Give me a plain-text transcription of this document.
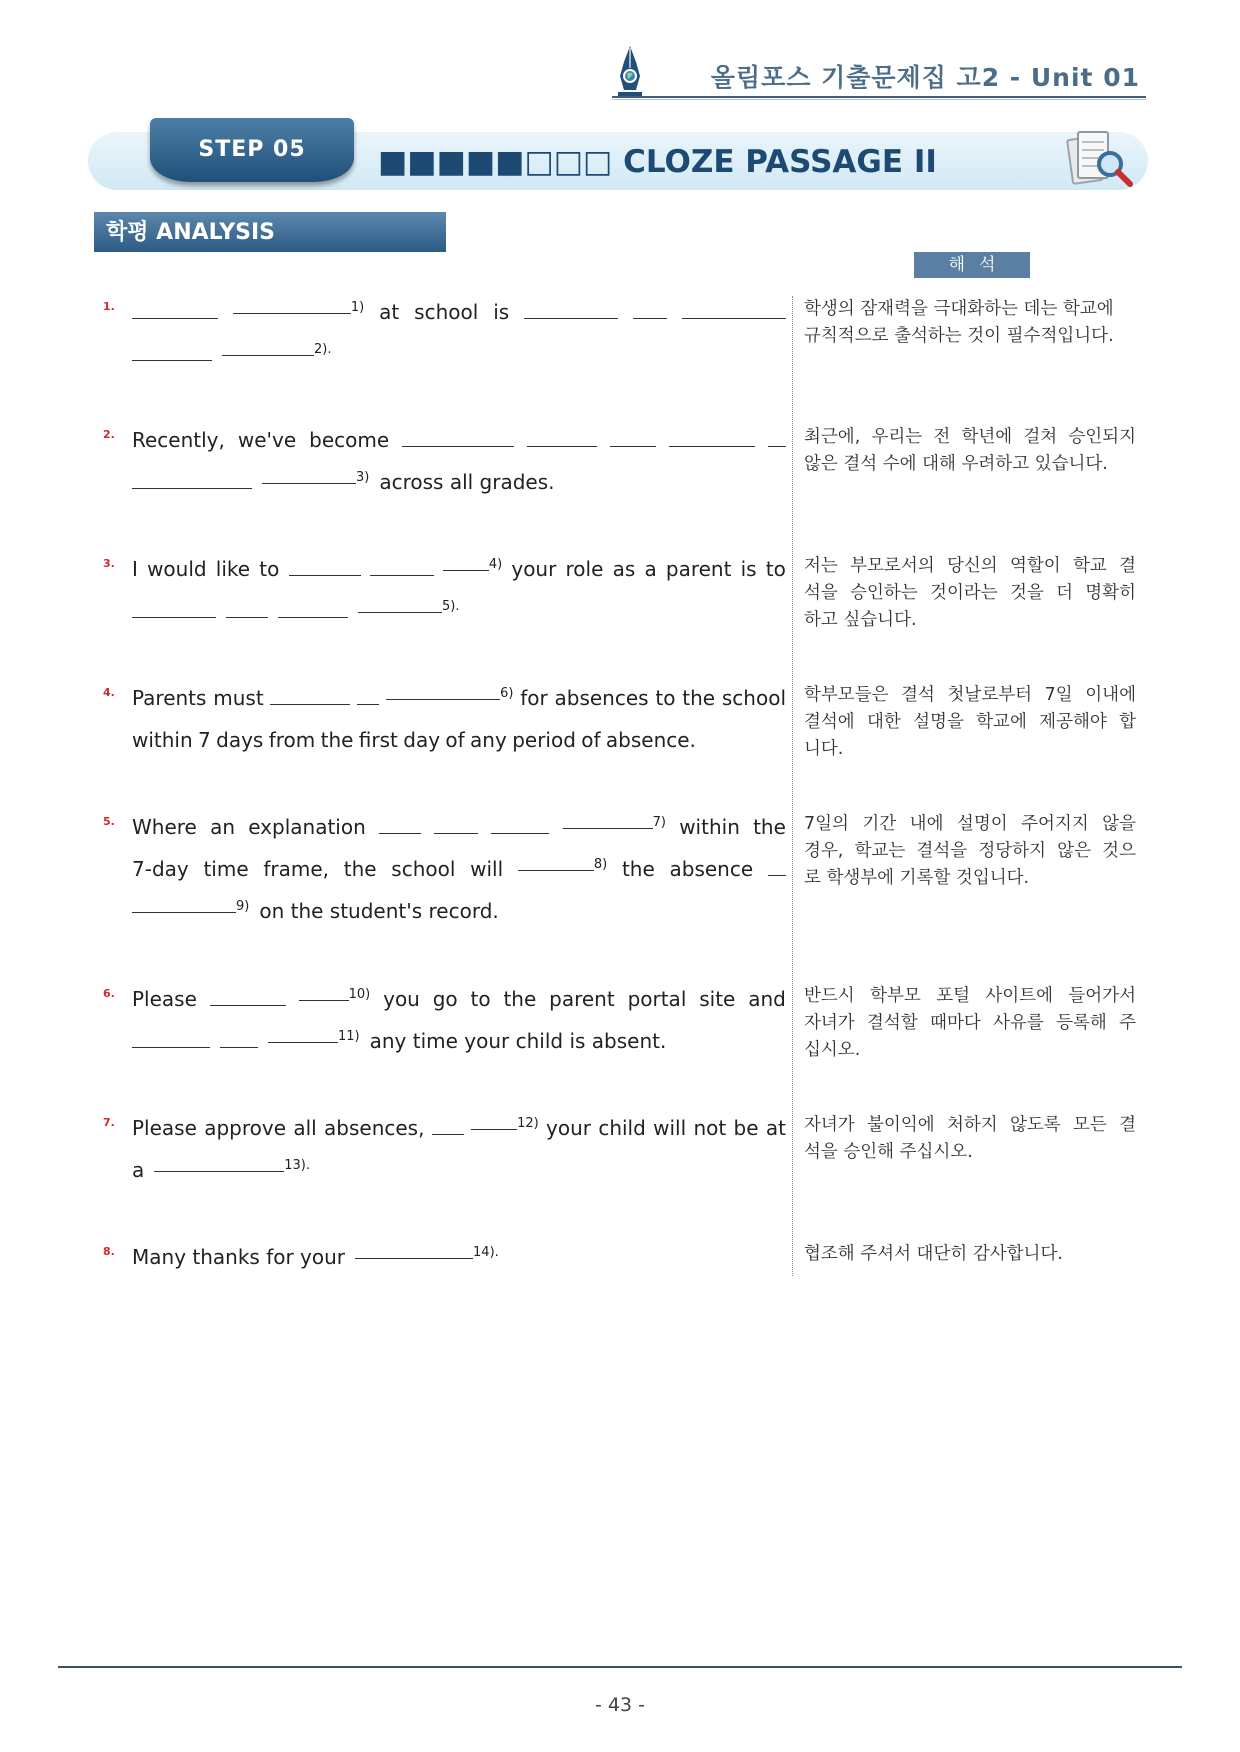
올림포스 기출문제집 고2 - Unit 01
STEP 05	■■■■■□□□ CLOZE PASSAGE II
학평 ANALYSIS
해석
1.	$^{1)}$ at school is
$^{2).}$
학생의 잠재력을 극대화하는 데는 학교에
규칙적으로 출석하는 것이 필수적입니다.
2. Recently, we've become
$^{3)}$ across all grades.
최근에, 우리는 전 학년에 걸쳐 승인되지
않은 결석 수에 대해 우려하고 있습니다.
3. I would like to	$^{4)}$ your role as a parent is to
$^{5).}$
저는 부모로서의 당신의 역할이 학교 결
석을 승인하는 것이라는 것을 더 명확히
하고 싶습니다.
4. Parents must	$^{6)}$ for absences to the school
within 7 days from the first day of any period of absence.
학부모들은 결석 첫날로부터 7일 이내에
결석에 대한 설명을 학교에 제공해야 합
니다.
5. Where an explanation	$^{7)}$ within the
7-day time frame, the school will	$^{8)}$ the absence
$^{9)}$ on the student's record.
7일의 기간 내에 설명이 주어지지 않을
경우, 학교는 결석을 정당하지 않은 것으
로 학생부에 기록할 것입니다.
6. Please	$^{10)}$ you go to the parent portal site and
$^{11)}$ any time your child is absent.
반드시 학부모 포털 사이트에 들어가서
자녀가 결석할 때마다 사유를 등록해 주
십시오.
7. Please approve all absences,	$^{12)}$ your child will not be at
a	$^{13).}$
자녀가 불이익에 처하지 않도록 모든 결
석을 승인해 주십시오.
8. Many thanks for your	$^{14).}$	협조해 주셔서 대단히 감사합니다.
- 43 -
